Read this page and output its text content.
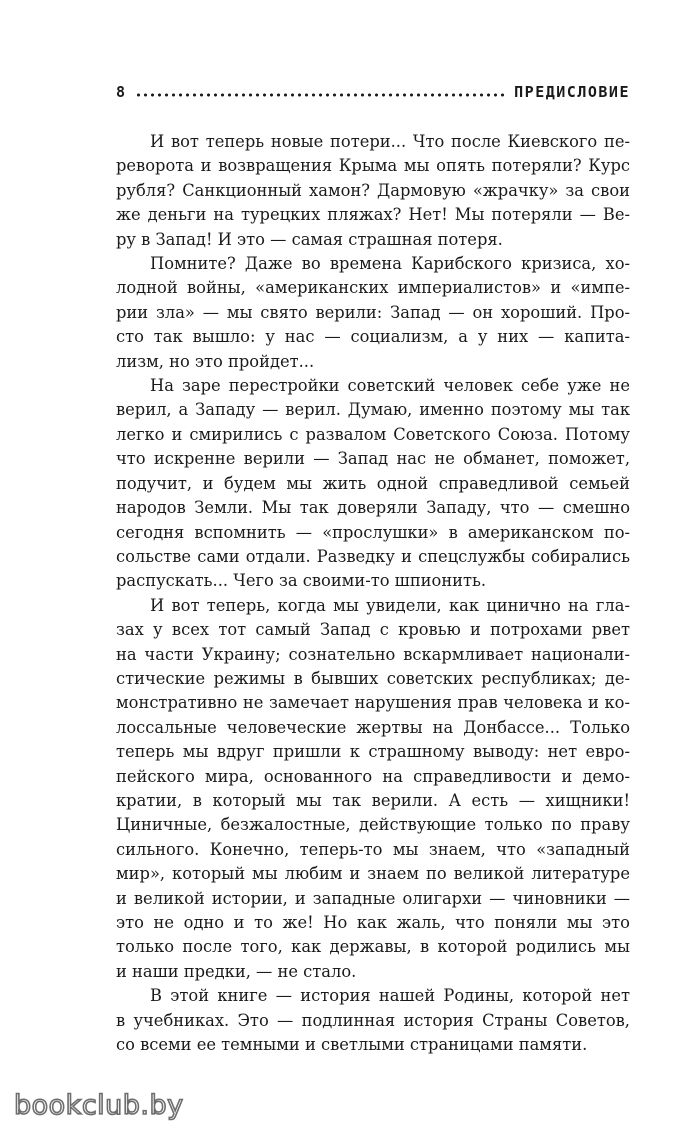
8	ПРЕДИСЛОВИЕ

И вот теперь новые потери... Что после Киевского пе-
реворота и возвращения Крыма мы опять потеряли? Курс
рубля? Санкционный хамон? Дармовую «жрачку» за свои
же деньги на турецких пляжах? Нет! Мы потеряли — Ве-
ру в Запад! И это — самая страшная потеря.

Помните? Даже во времена Карибского кризиса, хо-
лодной войны, «американских империалистов» и «импе-
рии зла» — мы свято верили: Запад — он хороший. Про-
сто так вышло: у нас — социализм, а у них — капита-
лизм, но это пройдет...

На заре перестройки советский человек себе уже не
верил, а Западу — верил. Думаю, именно поэтому мы так
легко и смирились с развалом Советского Союза. Потому
что искренне верили — Запад нас не обманет, поможет,
подучит, и будем мы жить одной справедливой семьей
народов Земли. Мы так доверяли Западу, что — смешно
сегодня вспомнить — «прослушки» в американском по-
сольстве сами отдали. Разведку и спецслужбы собирались
распускать... Чего за своими-то шпионить.

И вот теперь, когда мы увидели, как цинично на гла-
зах у всех тот самый Запад с кровью и потрохами рвет
на части Украину; сознательно вскармливает национали-
стические режимы в бывших советских республиках; де-
монстративно не замечает нарушения прав человека и ко-
лоссальные человеческие жертвы на Донбассе... Только
теперь мы вдруг пришли к страшному выводу: нет евро-
пейского мира, основанного на справедливости и демо-
кратии, в который мы так верили. А есть — хищники!
Циничные, безжалостные, действующие только по праву
сильного. Конечно, теперь-то мы знаем, что «западный
мир», который мы любим и знаем по великой литературе
и великой истории, и западные олигархи — чиновники —
это не одно и то же! Но как жаль, что поняли мы это
только после того, как державы, в которой родились мы
и наши предки, — не стало.

В этой книге — история нашей Родины, которой нет
в учебниках. Это — подлинная история Страны Советов,
со всеми ее темными и светлыми страницами памяти.

bookclub.by
